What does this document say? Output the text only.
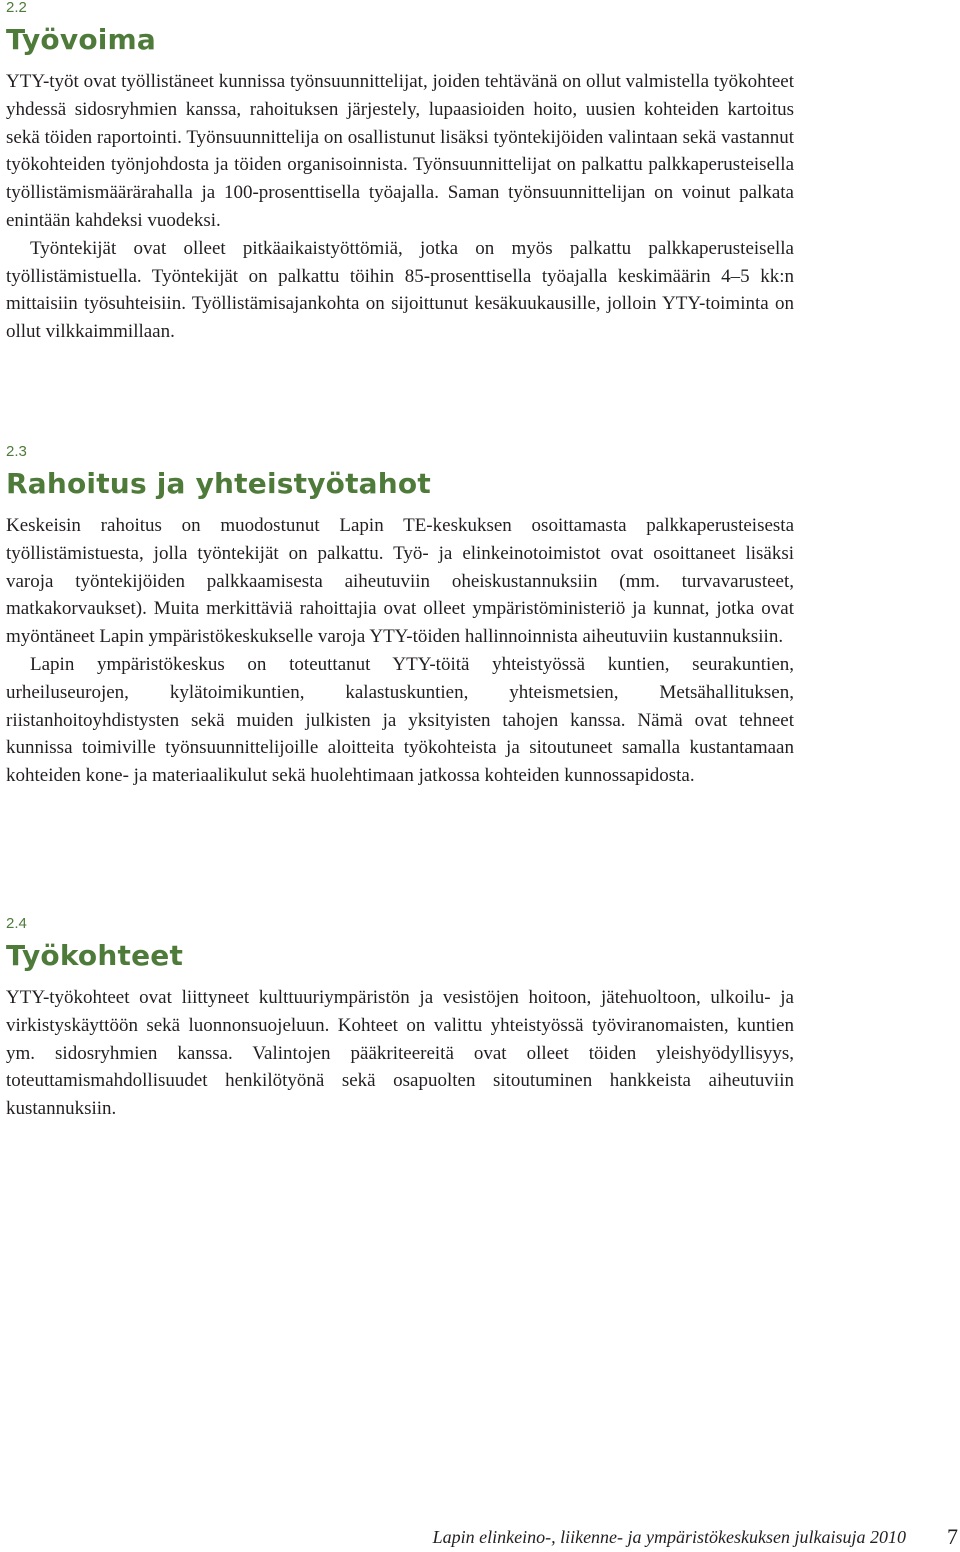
2.2

Työvoima

YTY-työt ovat työllistäneet kunnissa työnsuunnittelijat, joiden tehtävänä on ollut valmistella työkohteet yhdessä sidosryhmien kanssa, rahoituksen järjestely, lupaasioiden hoito, uusien kohteiden kartoitus sekä töiden raportointi. Työnsuunnittelija on osallistunut lisäksi työntekijöiden valintaan sekä vastannut työkohteiden työnjohdosta ja töiden organisoinnista. Työnsuunnittelijat on palkattu palkkaperusteisella työllistämismäärärahalla ja 100-prosenttisella työajalla. Saman työnsuunnittelijan on voinut palkata enintään kahdeksi vuodeksi.

Työntekijät ovat olleet pitkäaikaistyöttömiä, jotka on myös palkattu palkkaperusteisella työllistämistuella. Työntekijät on palkattu töihin 85-prosenttisella työajalla keskimäärin 4–5 kk:n mittaisiin työsuhteisiin. Työllistämisajankohta on sijoittunut kesäkuukausille, jolloin YTY-toiminta on ollut vilkkaimmillaan.

2.3

Rahoitus ja yhteistyötahot

Keskeisin rahoitus on muodostunut Lapin TE-keskuksen osoittamasta palkkaperusteisesta työllistämistuesta, jolla työntekijät on palkattu. Työ- ja elinkeinotoimistot ovat osoittaneet lisäksi varoja työntekijöiden palkkaamisesta aiheutuviin oheiskustannuksiin (mm. turvavarusteet, matkakorvaukset). Muita merkittäviä rahoittajia ovat olleet ympäristöministeriö ja kunnat, jotka ovat myöntäneet Lapin ympäristökeskukselle varoja YTY-töiden hallinnoinnista aiheutuviin kustannuksiin.

Lapin ympäristökeskus on toteuttanut YTY-töitä yhteistyössä kuntien, seurakuntien, urheiluseurojen, kylätoimikuntien, kalastuskuntien, yhteismetsien, Metsähallituksen, riistanhoitoyhdistysten sekä muiden julkisten ja yksityisten tahojen kanssa. Nämä ovat tehneet kunnissa toimiville työnsuunnittelijoille aloitteita työkohteista ja sitoutuneet samalla kustantamaan kohteiden kone- ja materiaalikulut sekä huolehtimaan jatkossa kohteiden kunnossapidosta.

2.4

Työkohteet

YTY-työkohteet ovat liittyneet kulttuuriympäristön ja vesistöjen hoitoon, jätehuoltoon, ulkoilu- ja virkistyskäyttöön sekä luonnonsuojeluun. Kohteet on valittu yhteistyössä työviranomaisten, kuntien ym. sidosryhmien kanssa. Valintojen pääkriteereitä ovat olleet töiden yleishyödyllisyys, toteuttamismahdollisuudet henkilötyönä sekä osapuolten sitoutuminen hankkeista aiheutuviin kustannuksiin.

Lapin elinkeino-, liikenne- ja ympäristökeskuksen julkaisuja 2010 7
